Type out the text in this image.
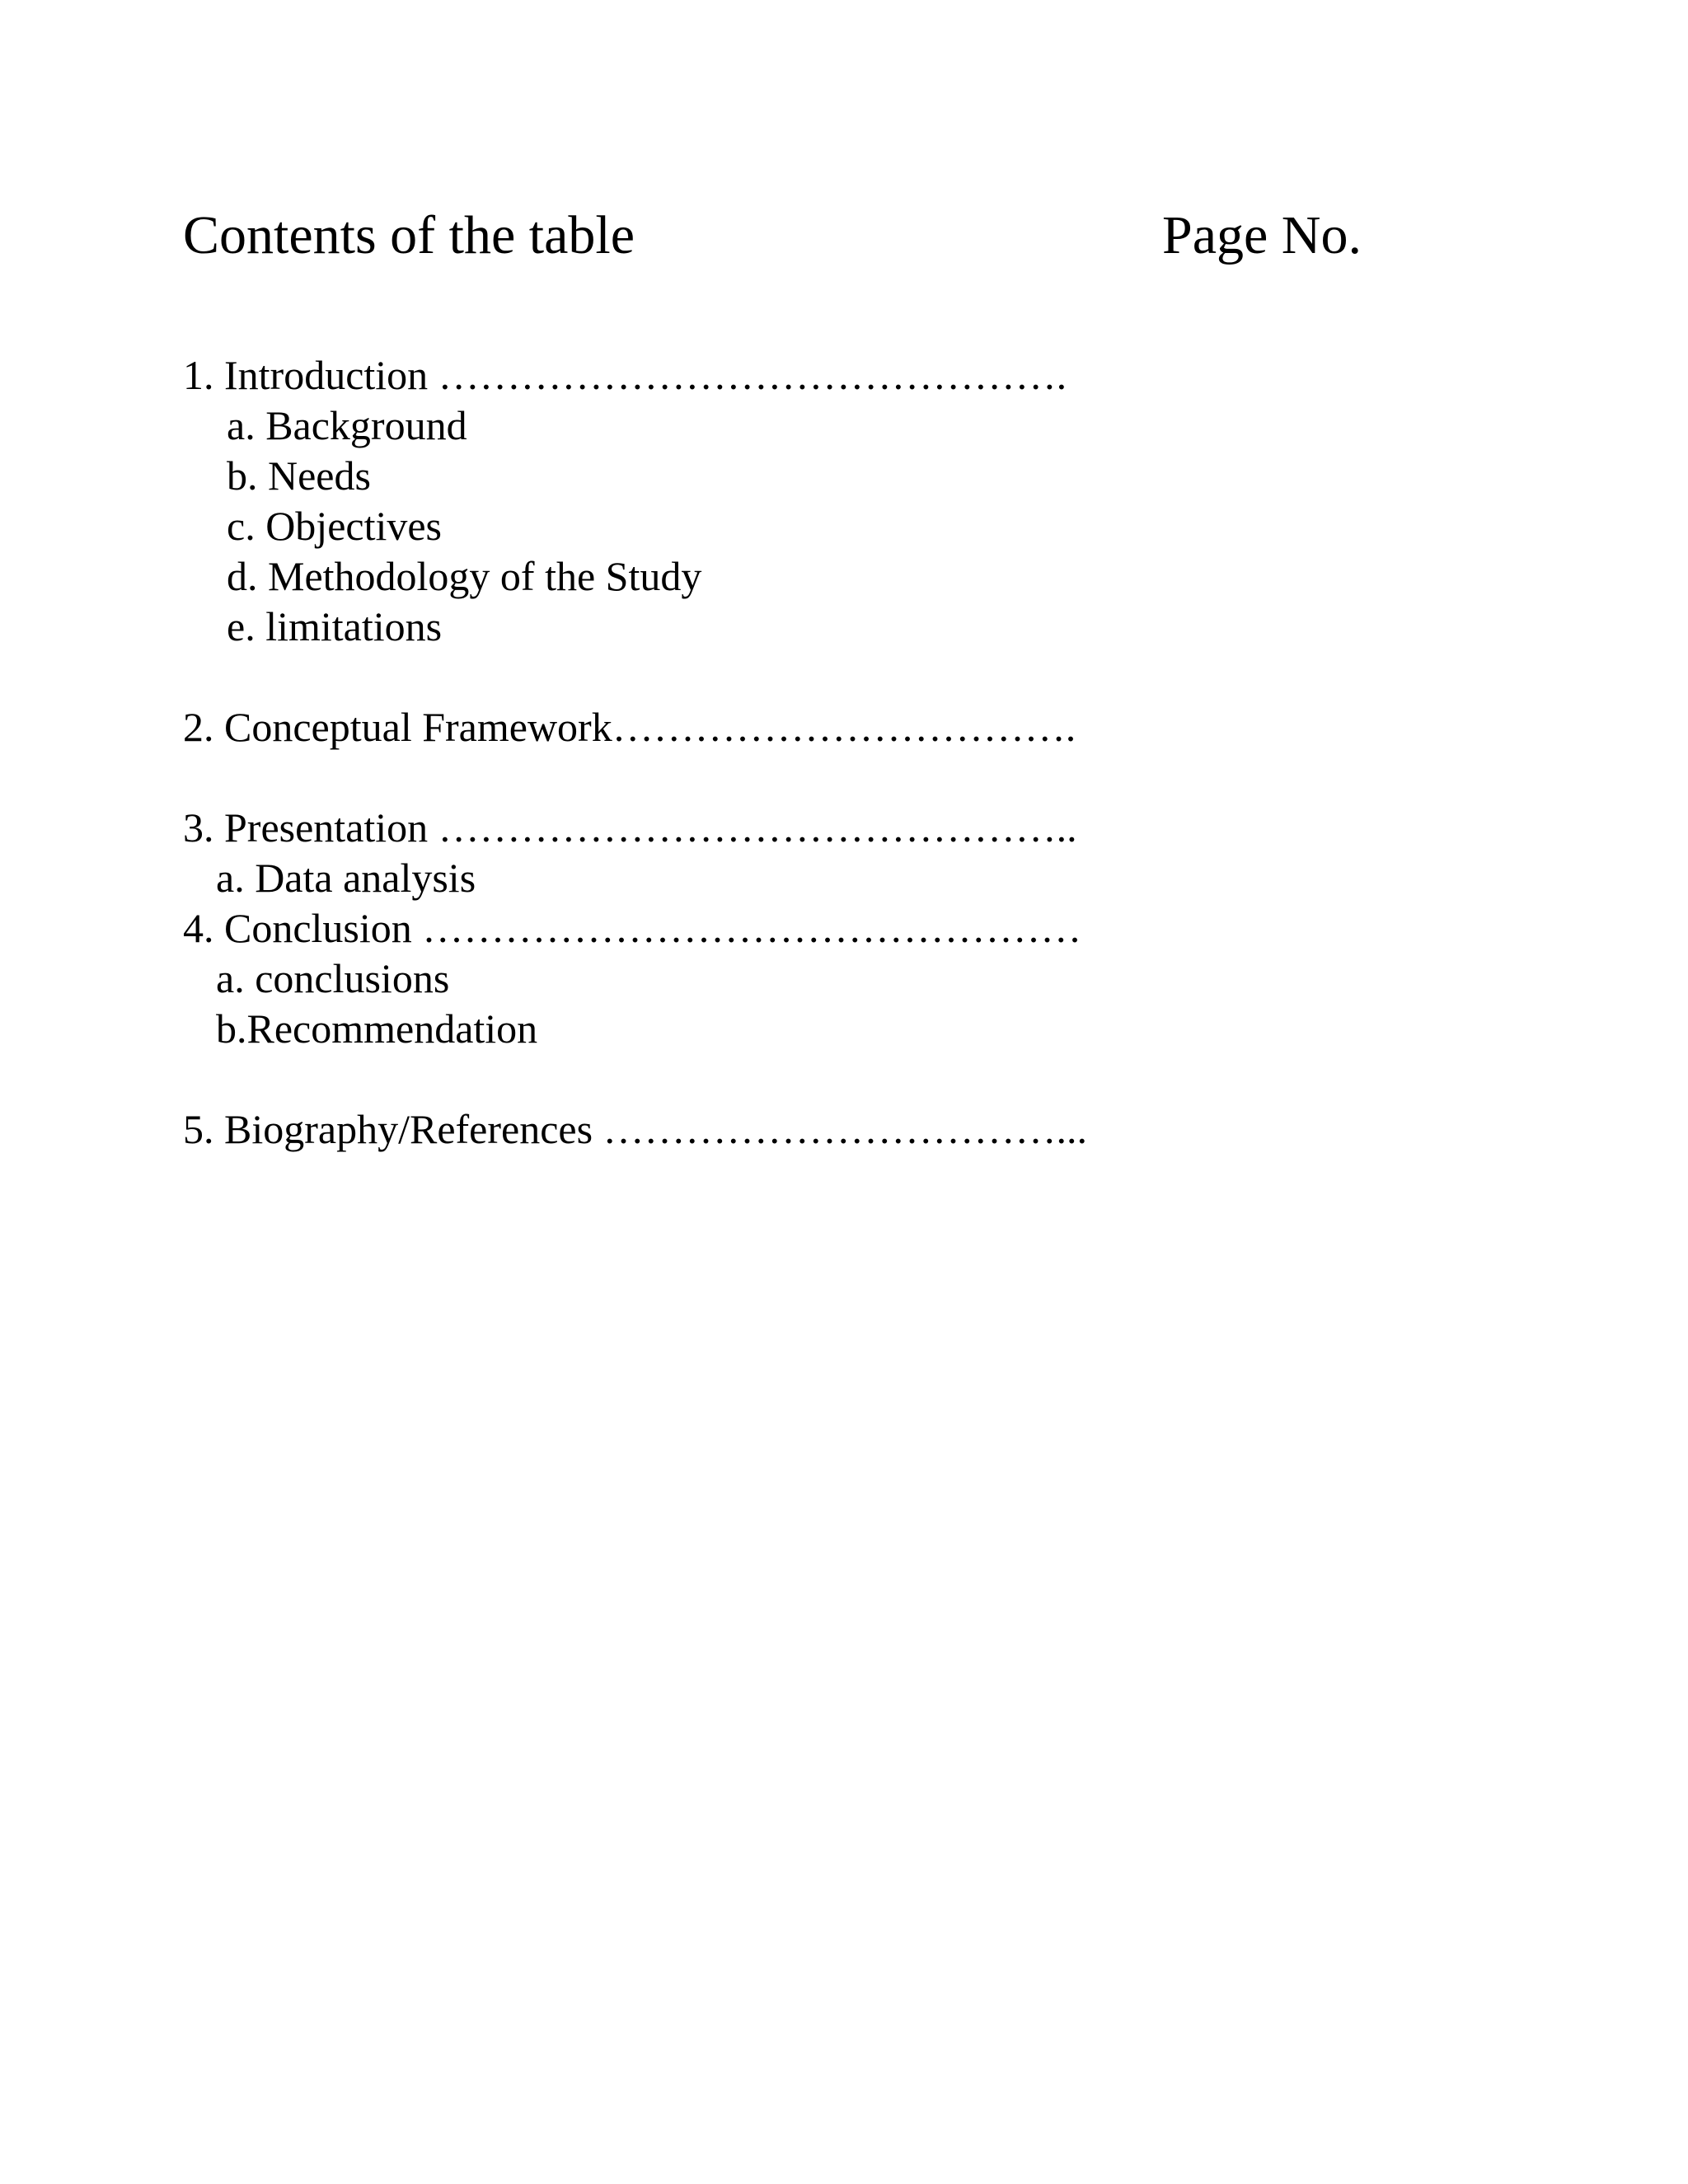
Contents of the table	Page No.
1. Introduction ……………………………………….
a. Background
b. Needs
c. Objectives
d. Methodology of the Study
e. limitations
2. Conceptual Framework…………………………….
3. Presentation ………………………………………..
a. Data analysis
4. Conclusion …………………………………………
a. conclusions
b.Recommendation
5. Biography/References ……………………………...
